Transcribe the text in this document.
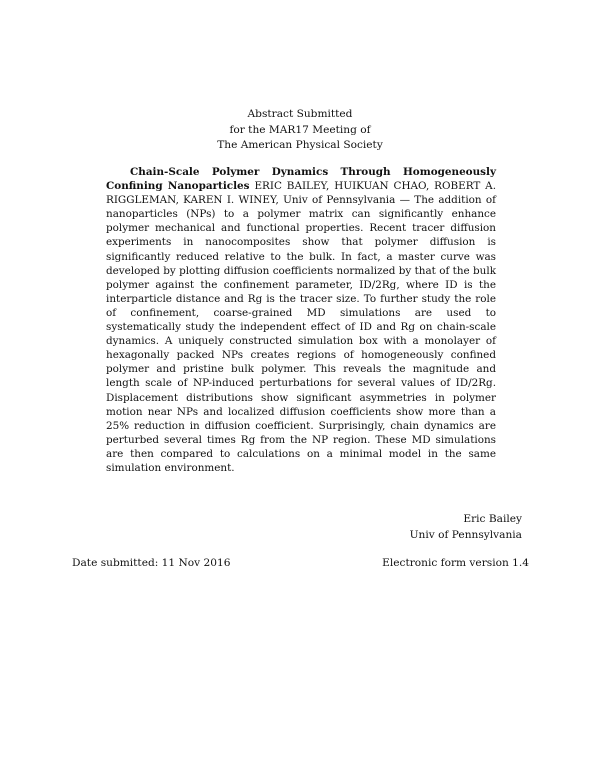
Abstract Submitted
for the MAR17 Meeting of
The American Physical Society

Chain-Scale Polymer Dynamics Through Homogeneously Confining Nanoparticles ERIC BAILEY, HUIKUAN CHAO, ROBERT A. RIGGLEMAN, KAREN I. WINEY, Univ of Pennsylvania — The addition of nanoparticles (NPs) to a polymer matrix can significantly enhance polymer mechanical and functional properties. Recent tracer diffusion experiments in nanocomposites show that polymer diffusion is significantly reduced relative to the bulk. In fact, a master curve was developed by plotting diffusion coefficients normalized by that of the bulk polymer against the confinement parameter, ID/2Rg, where ID is the interparticle distance and Rg is the tracer size. To further study the role of confinement, coarse-grained MD simulations are used to systematically study the independent effect of ID and Rg on chain-scale dynamics. A uniquely constructed simulation box with a monolayer of hexagonally packed NPs creates regions of homogeneously confined polymer and pristine bulk polymer. This reveals the magnitude and length scale of NP-induced perturbations for several values of ID/2Rg. Displacement distributions show significant asymmetries in polymer motion near NPs and localized diffusion coefficients show more than a 25% reduction in diffusion coefficient. Surprisingly, chain dynamics are perturbed several times Rg from the NP region. These MD simulations are then compared to calculations on a minimal model in the same simulation environment.

Eric Bailey
Univ of Pennsylvania
Date submitted: 11 Nov 2016	Electronic form version 1.4
